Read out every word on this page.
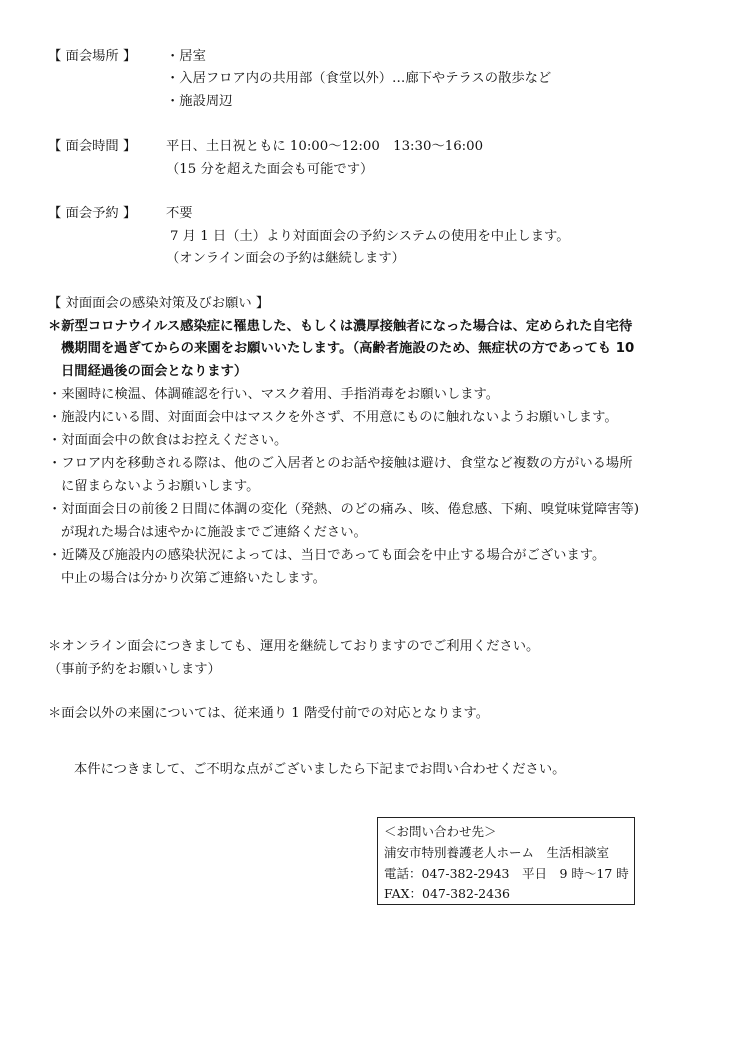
【 面会場所 】 ・居室
・入居フロア内の共用部（食堂以外）…廊下やテラスの散歩など
・施設周辺
【 面会時間 】 平日、土日祝ともに 10:00～12:00　13:30～16:00
（15 分を超えた面会も可能です）
【 面会予約 】 不要
7 月 1 日（土）より対面面会の予約システムの使用を中止します。
（オンライン面会の予約は継続します）
【 対面面会の感染対策及びお願い 】
＊新型コロナウイルス感染症に罹患した、もしくは濃厚接触者になった場合は、定められた自宅待
機期間を過ぎてからの来園をお願いいたします。（高齢者施設のため、無症状の方であっても 10
日間経過後の面会となります）
・来園時に検温、体調確認を行い、マスク着用、手指消毒をお願いします。
・施設内にいる間、対面面会中はマスクを外さず、不用意にものに触れないようお願いします。
・対面面会中の飲食はお控えください。
・フロア内を移動される際は、他のご入居者とのお話や接触は避け、食堂など複数の方がいる場所
に留まらないようお願いします。
・対面面会日の前後２日間に体調の変化（発熱、のどの痛み、咳、倦怠感、下痢、嗅覚味覚障害等)
が現れた場合は速やかに施設までご連絡ください。
・近隣及び施設内の感染状況によっては、当日であっても面会を中止する場合がございます。
中止の場合は分かり次第ご連絡いたします。
＊オンライン面会につきましても、運用を継続しておりますのでご利用ください。
（事前予約をお願いします）
＊面会以外の来園については、従来通り 1 階受付前での対応となります。
本件につきまして、ご不明な点がございましたら下記までお問い合わせください。
＜お問い合わせ先＞
浦安市特別養護老人ホーム　生活相談室
電話：047-382-2943　平日　9 時～17 時
FAX：047-382-2436
